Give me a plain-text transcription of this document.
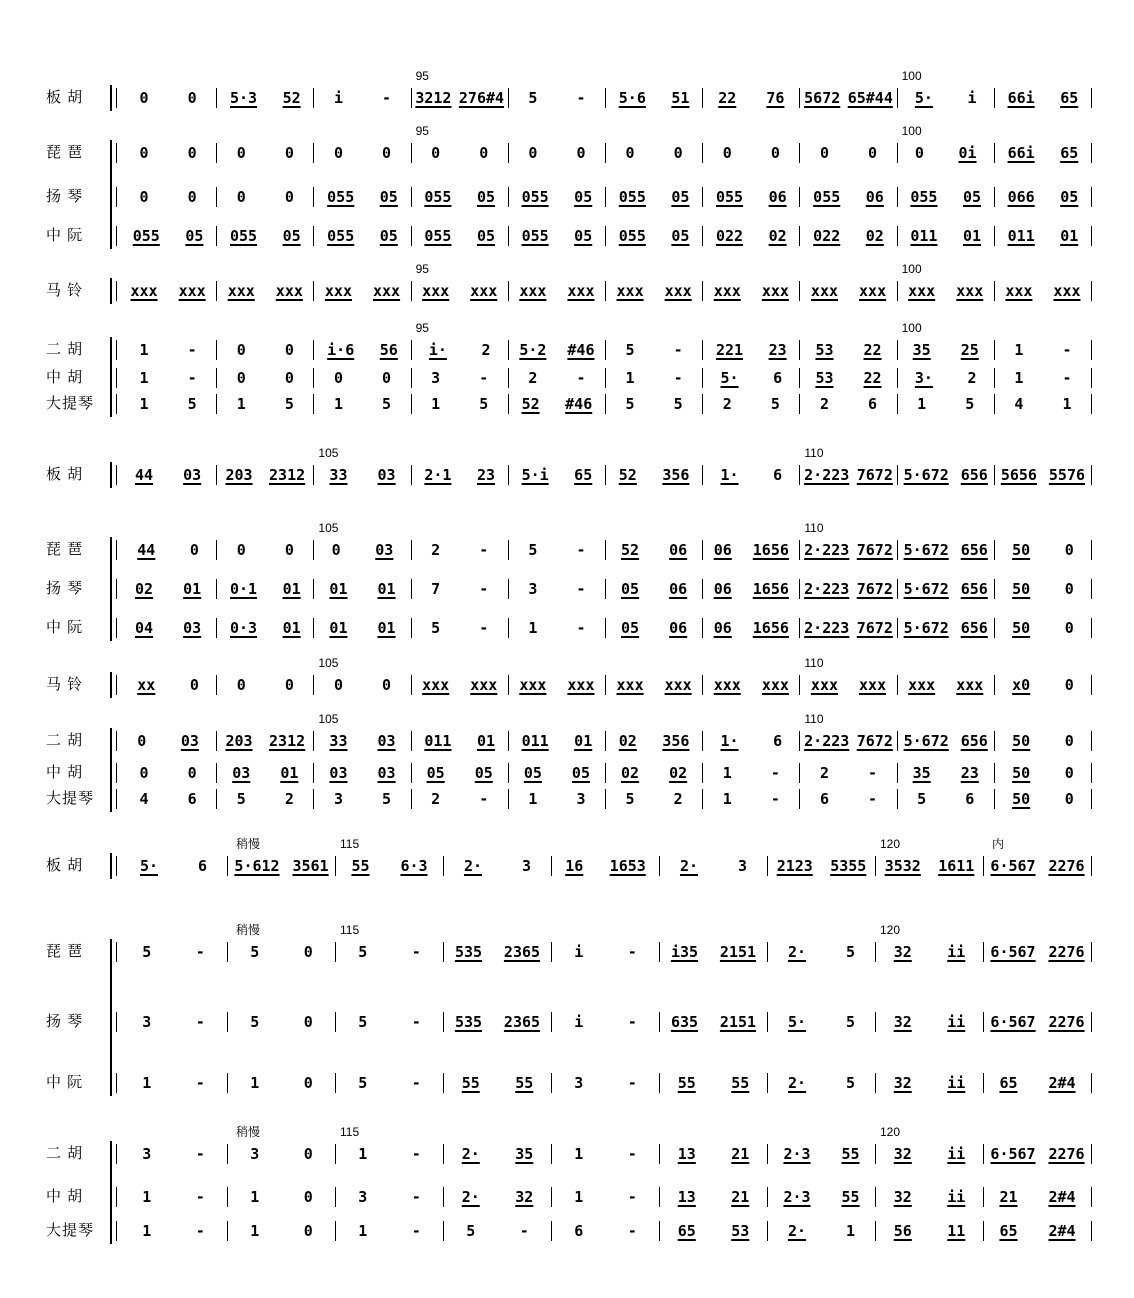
板 胡	0	0 5·3 52 i	- 3212 276#4 5	- 5·6 51 22 76 5672 65#44 5· i 66i 65
琵 琶	0	0	0	0	0	0	0	0	0	0	0	0	0	0	0	0	0 0i 66i 65
扬 琴	0	0	0	0 055 05 055 05 055 05 055 05 055 06 055 06 055 05 066 05
中 阮	055 05 055 05 055 05 055 05 055 05 055 05 022 02 022 02 011 01 011 01
马 铃	xxx xxx xxx xxx xxx xxx xxx xxx xxx xxx xxx xxx xxx xxx xxx xxx xxx xxx xxx xxx
二 胡	1	-	0	0 i·6 56 i· 2 5·2 #46 5	- 221 23 53 22 35 25 1	-
中 胡	1	-	0	0	0	0	3	-	2	-	1	-	5· 6 53 22 3· 2	1	-
大提琴	1	5	1	5	1	5	1	5 52 #46 5	5	2	5	2	6	1	5	4	1
95	100
95	100
95	100
95	100
板 胡	44 03 203 2312 33 03 2·1 23 5·i 65 52 356 1· 6 2·223 7672 5·672 656 5656 5576
琵 琶	44 0	0	0	0 03	2	-	5	- 52 06 06 1656 2·223 7672 5·672 656 50 0
扬 琴	02 01 0·1 01 01 01 7	-	3	- 05 06 06 1656 2·223 7672 5·672 656 50 0
中 阮	04 03 0·3 01 01 01 5	-	1	- 05 06 06 1656 2·223 7672 5·672 656 50 0
马 铃	xx 0	0	0	0	0 xxx xxx xxx xxx xxx xxx xxx xxx xxx xxx xxx xxx x0 0
二 胡	0 03 203 2312 33 03 011 01 011 01 02 356 1· 6 2·223 7672 5·672 656 50 0
中 胡	0	0 03 01 03 03 05 05 05 05 02 02 1	-	2	- 35 23 50 0
大提琴	4	6	5	2	3	5	2	-	1	3	5	2	1	-	6	-	5	6	50 0
105	110
105	110
105	110
105	110
板 胡	5·	6 5·612 3561 55 6·3 2·	3 16 1653 2·	3 2123 5355 3532 1611 6·567 2276
琵 琶	5	-	5	0	5	- 535 2365 i	- i35 2151 2·	5	32 ii 6·567 2276
扬 琴	3	-	5	0	5	- 535 2365 i	- 635 2151 5·	5	32 ii 6·567 2276
中 阮	1	-	1	0	5	-	55 55	3	-	55 55	2·	5	32 ii 65 2#4
二 胡	3	-	3	0	1	-	2· 35	1	-	13 21 2·3 55 32 ii 6·567 2276
中 胡	1	-	1	0	3	-	2· 32	1	-	13 21 2·3 55 32 ii 21 2#4
大提琴	1	-	1	0	1	-	5	-	6	-	65 53	2·	1	56 11 65 2#4
115	120
115	120
115	120
稍慢
稍慢
稍慢
内
